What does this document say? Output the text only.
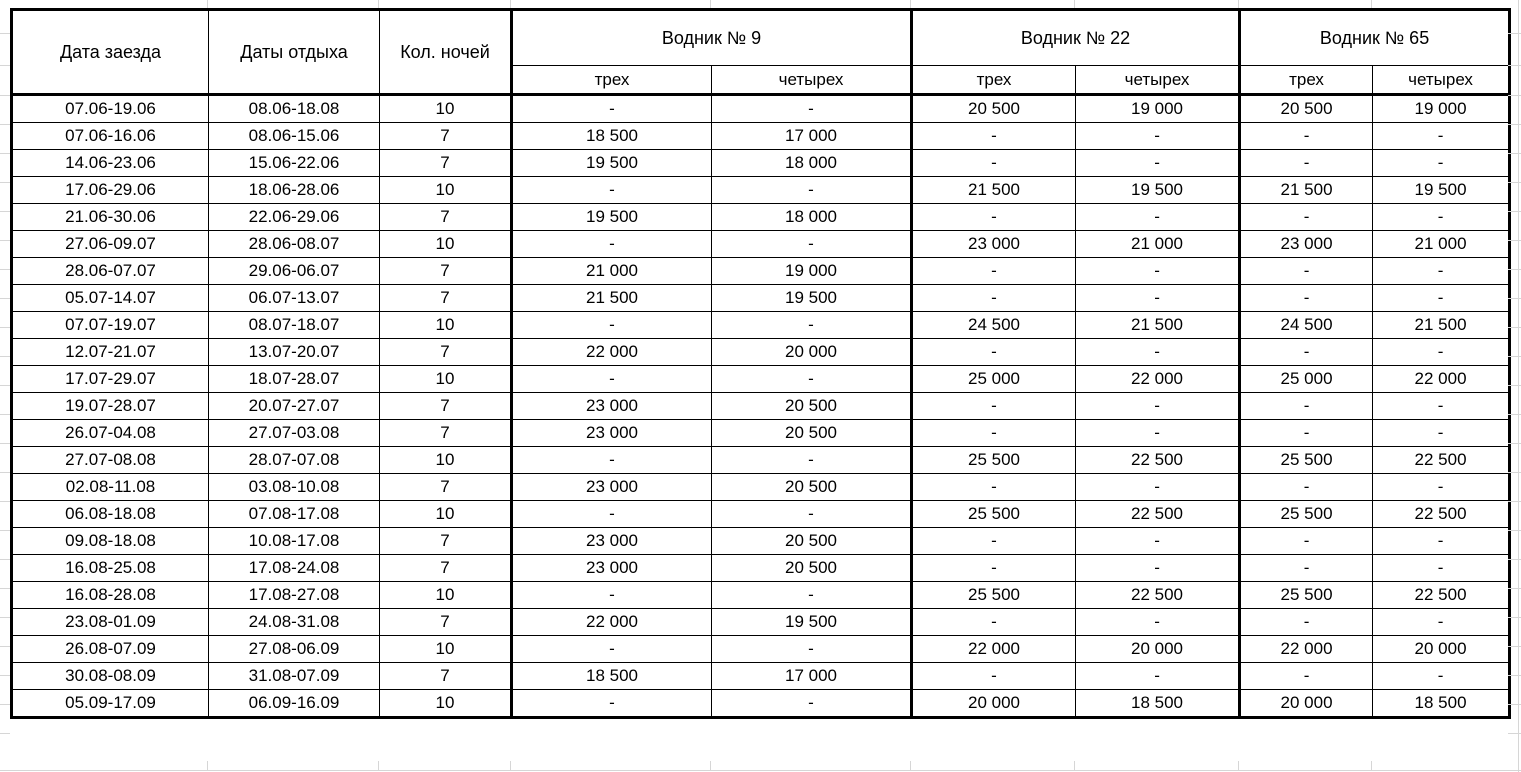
Дата заезда	Даты отдыха	Кол. ночей	Водник № 9		Водник № 22		Водник № 65	
			трех	четырех	трех	четырех	трех	четырех
07.06-19.06	08.06-18.08	10	-	-	20 500	19 000	20 500	19 000
07.06-16.06	08.06-15.06	7	18 500	17 000	-	-	-	-
14.06-23.06	15.06-22.06	7	19 500	18 000	-	-	-	-
17.06-29.06	18.06-28.06	10	-	-	21 500	19 500	21 500	19 500
21.06-30.06	22.06-29.06	7	19 500	18 000	-	-	-	-
27.06-09.07	28.06-08.07	10	-	-	23 000	21 000	23 000	21 000
28.06-07.07	29.06-06.07	7	21 000	19 000	-	-	-	-
05.07-14.07	06.07-13.07	7	21 500	19 500	-	-	-	-
07.07-19.07	08.07-18.07	10	-	-	24 500	21 500	24 500	21 500
12.07-21.07	13.07-20.07	7	22 000	20 000	-	-	-	-
17.07-29.07	18.07-28.07	10	-	-	25 000	22 000	25 000	22 000
19.07-28.07	20.07-27.07	7	23 000	20 500	-	-	-	-
26.07-04.08	27.07-03.08	7	23 000	20 500	-	-	-	-
27.07-08.08	28.07-07.08	10	-	-	25 500	22 500	25 500	22 500
02.08-11.08	03.08-10.08	7	23 000	20 500	-	-	-	-
06.08-18.08	07.08-17.08	10	-	-	25 500	22 500	25 500	22 500
09.08-18.08	10.08-17.08	7	23 000	20 500	-	-	-	-
16.08-25.08	17.08-24.08	7	23 000	20 500	-	-	-	-
16.08-28.08	17.08-27.08	10	-	-	25 500	22 500	25 500	22 500
23.08-01.09	24.08-31.08	7	22 000	19 500	-	-	-	-
26.08-07.09	27.08-06.09	10	-	-	22 000	20 000	22 000	20 000
30.08-08.09	31.08-07.09	7	18 500	17 000	-	-	-	-
05.09-17.09	06.09-16.09	10	-	-	20 000	18 500	20 000	18 500
